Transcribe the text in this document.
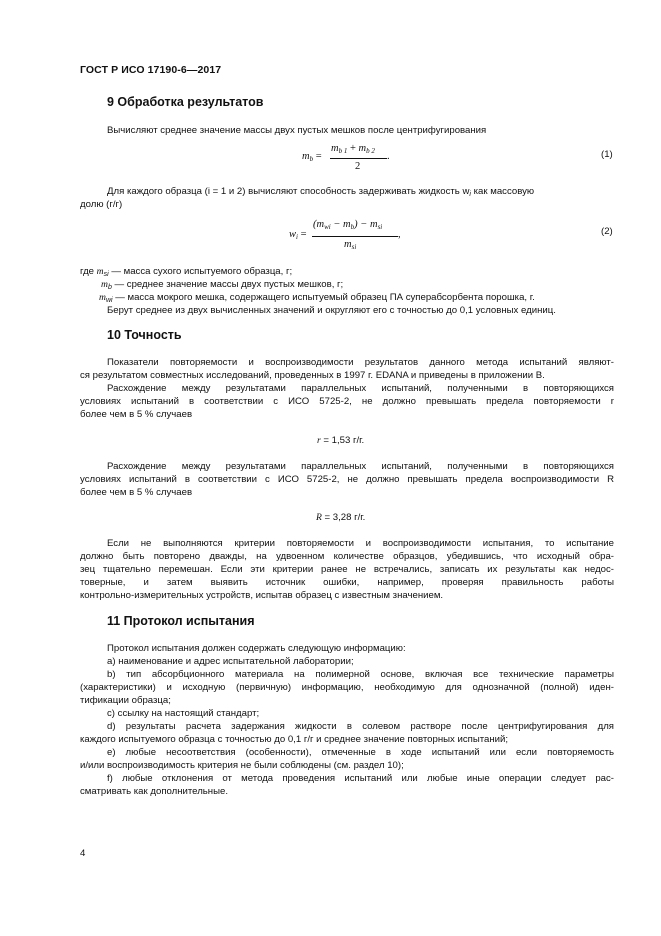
ГОСТ Р ИСО 17190-6—2017
9 Обработка результатов
Вычисляют среднее значение массы двух пустых мешков после центрифугирования
$m_b$ =
$m_{b 1} + m_{b 2}$
2
.	(1)
Для каждого образца (i = 1 и 2) вычисляют способность задерживать жидкость $w_i$ как массовую
долю (г/г)
$w_i$ =
$(m_{wi} - m_b) - m_{si}$
$m_{si}$
,	(2)
где $m_{si}$ — масса сухого испытуемого образца, г;
$m_b$ — среднее значение массы двух пустых мешков, г;
$m_{wi}$ — масса мокрого мешка, содержащего испытуемый образец ПА суперабсорбента порошка, г.
Берут среднее из двух вычисленных значений и округляют его с точностью до 0,1 условных единиц.
10 Точность
Показатели повторяемости и воспроизводимости результатов данного метода испытаний являют-
ся результатом совместных исследований, проведенных в 1997 г. EDANA и приведены в приложении В.
Расхождение между результатами параллельных испытаний, полученными в повторяющихся
условиях испытаний в соответствии с ИСО 5725-2, не должно превышать предела повторяемости r
более чем в 5 % случаев
r = 1,53 г/г.
Расхождение между результатами параллельных испытаний, полученными в повторяющихся
условиях испытаний в соответствии с ИСО 5725-2, не должно превышать предела воспроизводимости R
более чем в 5 % случаев
R = 3,28 г/г.
Если не выполняются критерии повторяемости и воспроизводимости испытания, то испытание
должно быть повторено дважды, на удвоенном количестве образцов, убедившись, что исходный обра-
зец тщательно перемешан. Если эти критерии ранее не встречались, записать их результаты как недос-
товерные,   и   затем   выявить   источник   ошибки,   например,   проверяя   правильность   работы
контрольно-измерительных устройств, испытав образец с известным значением.
11 Протокол испытания
Протокол испытания должен содержать следующую информацию:
а) наименование и адрес испытательной лаборатории;
b) тип абсорбционного материала на полимерной основе, включая все технические параметры
(характеристики) и исходную (первичную) информацию, необходимую для однозначной (полной) иден-
тификации образца;
с) ссылку на настоящий стандарт;
d) результаты расчета задержания жидкости в солевом растворе после центрифугирования для
каждого испытуемого образца с точностью до 0,1 г/г и среднее значение повторных испытаний;
е) любые несоответствия (особенности), отмеченные в ходе испытаний или если повторяемость
и/или воспроизводимость критерия не были соблюдены (см. раздел 10);
f) любые отклонения от метода проведения испытаний или любые иные операции следует рас-
сматривать как дополнительные.
4
